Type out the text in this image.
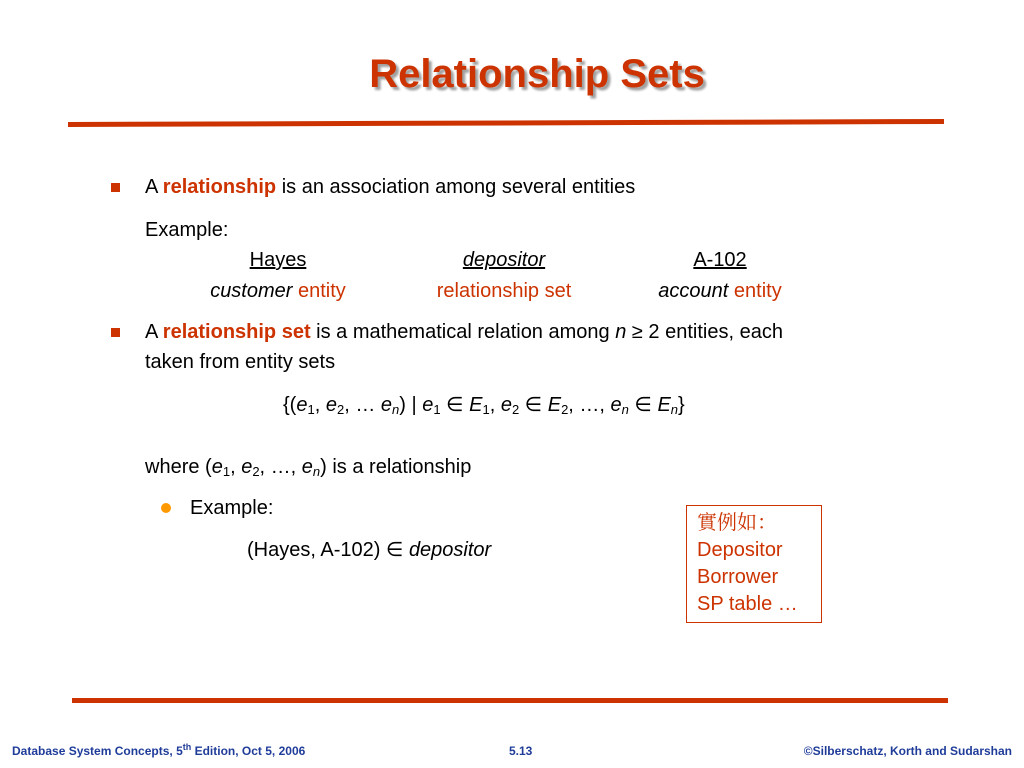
Relationship Sets
A relationship is an association among several entities
Example:
Hayes	depositor	A-102
customer entity	relationship set	account entity
A relationship set is a mathematical relation among n ≥ 2 entities, each
taken from entity sets
{($e_1$, $e_2$, … $e_n$) | $e_1$ ∈ $E_1$, $e_2$ ∈ $E_2$, …, $e_n$ ∈ $E_n$}
where ($e_1$, $e_2$, …, $e_n$) is a relationship
Example:
(Hayes, A-102) ∈ depositor
實例如：
Depositor
Borrower
SP table …
Database System Concepts, 5th Edition, Oct 5, 2006	5.13	©Silberschatz, Korth and Sudarshan
